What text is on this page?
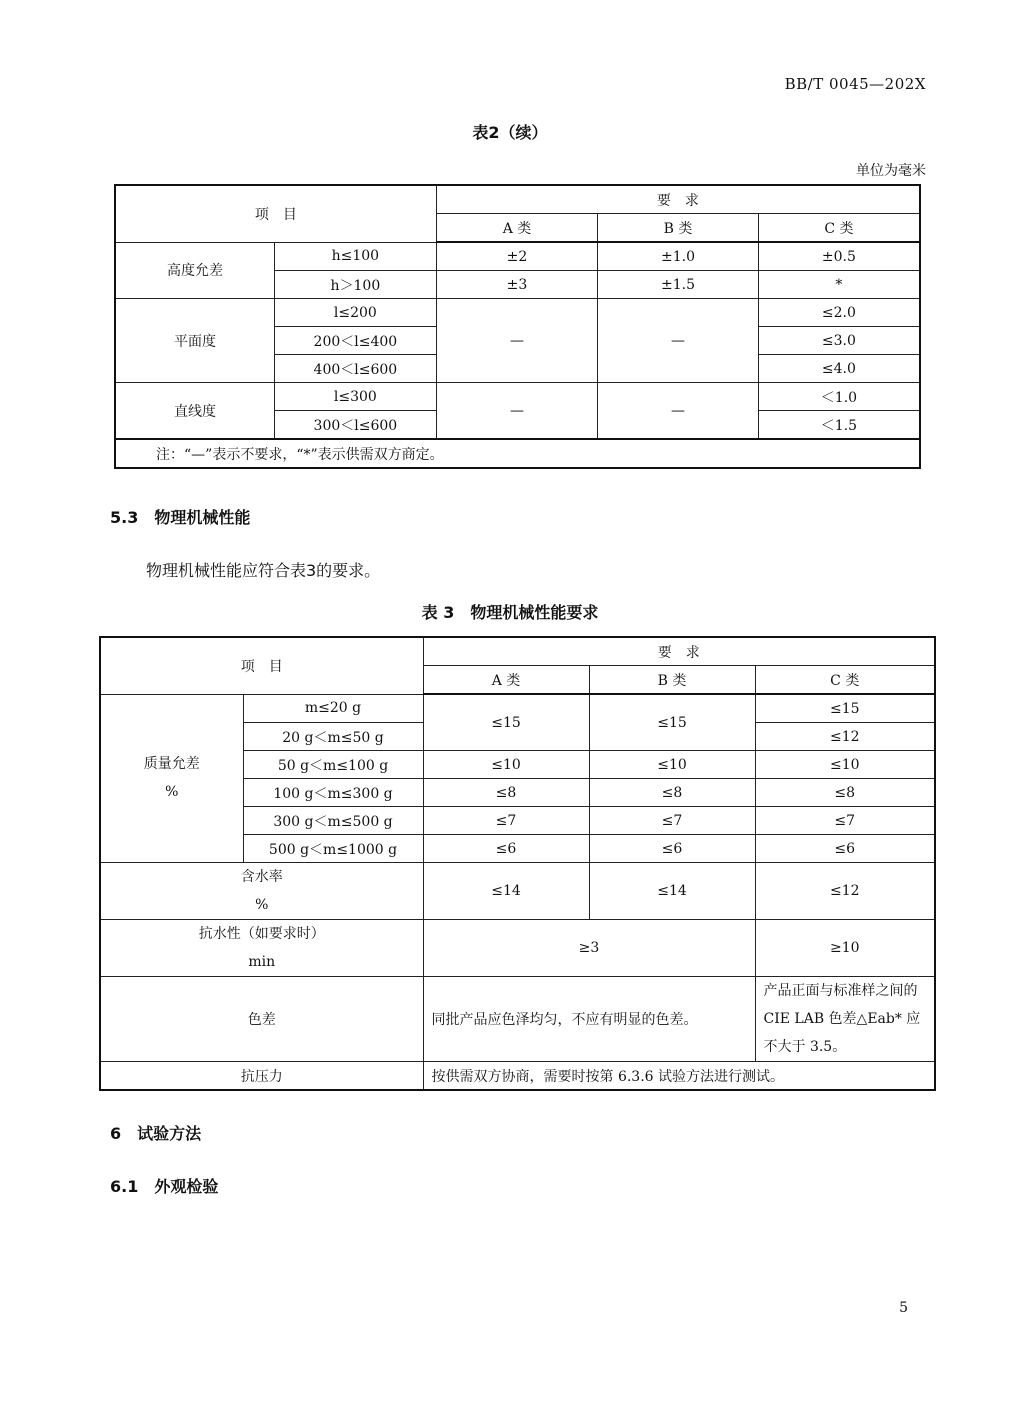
BB/T 0045—202X
表2（续）
单位为毫米
项　目		要　求		
		A 类	B 类	C 类
高度允差	h≤100	±2	±1.0	±0.5
	h＞100	±3	±1.5	*
平面度	l≤200	—	—	≤2.0
	200＜l≤400			≤3.0
	400＜l≤600			≤4.0
直线度	l≤300	—	—	＜1.0
	300＜l≤600			＜1.5
注：“—”表示不要求，“*”表示供需双方商定。				
5.3　物理机械性能
物理机械性能应符合表3的要求。
表 3　物理机械性能要求
项　目		要　求		
		A 类	B 类	C 类

质量允差
%	m≤20 g	≤15	≤15	≤15
	20 g＜m≤50 g			≤12
	50 g＜m≤100 g	≤10	≤10	≤10
	100 g＜m≤300 g	≤8	≤8	≤8
	300 g＜m≤500 g	≤7	≤7	≤7
	500 g＜m≤1000 g	≤6	≤6	≤6

含水率
%		≤14	≤14	≤12

抗水性（如要求时）
min		≥3		≥10
色差		同批产品应色泽均匀，不应有明显的色差。		产品正面与标准样之间的 CIE LAB 色差△Eab* 应不大于 3.5。
抗压力		按供需双方协商，需要时按第 6.3.6 试验方法进行测试。		
6　试验方法
6.1　外观检验
5
